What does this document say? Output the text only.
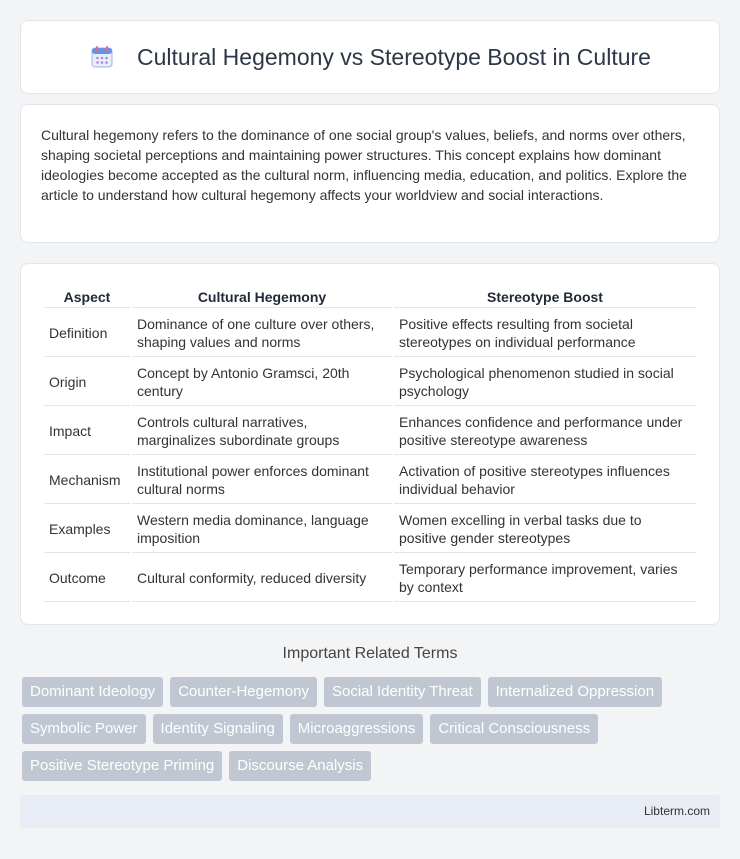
Cultural Hegemony vs Stereotype Boost in Culture

Cultural hegemony refers to the dominance of one social group's values, beliefs, and norms over others, shaping societal perceptions and maintaining power structures. This concept explains how dominant ideologies become accepted as the cultural norm, influencing media, education, and politics. Explore the article to understand how cultural hegemony affects your worldview and social interactions.

Aspect	Cultural Hegemony	Stereotype Boost
Definition	Dominance of one culture over others, shaping values and norms	Positive effects resulting from societal stereotypes on individual performance
Origin	Concept by Antonio Gramsci, 20th century	Psychological phenomenon studied in social psychology
Impact	Controls cultural narratives, marginalizes subordinate groups	Enhances confidence and performance under positive stereotype awareness
Mechanism	Institutional power enforces dominant cultural norms	Activation of positive stereotypes influences individual behavior
Examples	Western media dominance, language imposition	Women excelling in verbal tasks due to positive gender stereotypes
Outcome	Cultural conformity, reduced diversity	Temporary performance improvement, varies by context
Important Related Terms
Dominant Ideology	Counter-Hegemony	Social Identity Threat	Internalized Oppression
Symbolic Power	Identity Signaling	Microaggressions	Critical Consciousness
Positive Stereotype Priming	Discourse Analysis
Libterm.com
